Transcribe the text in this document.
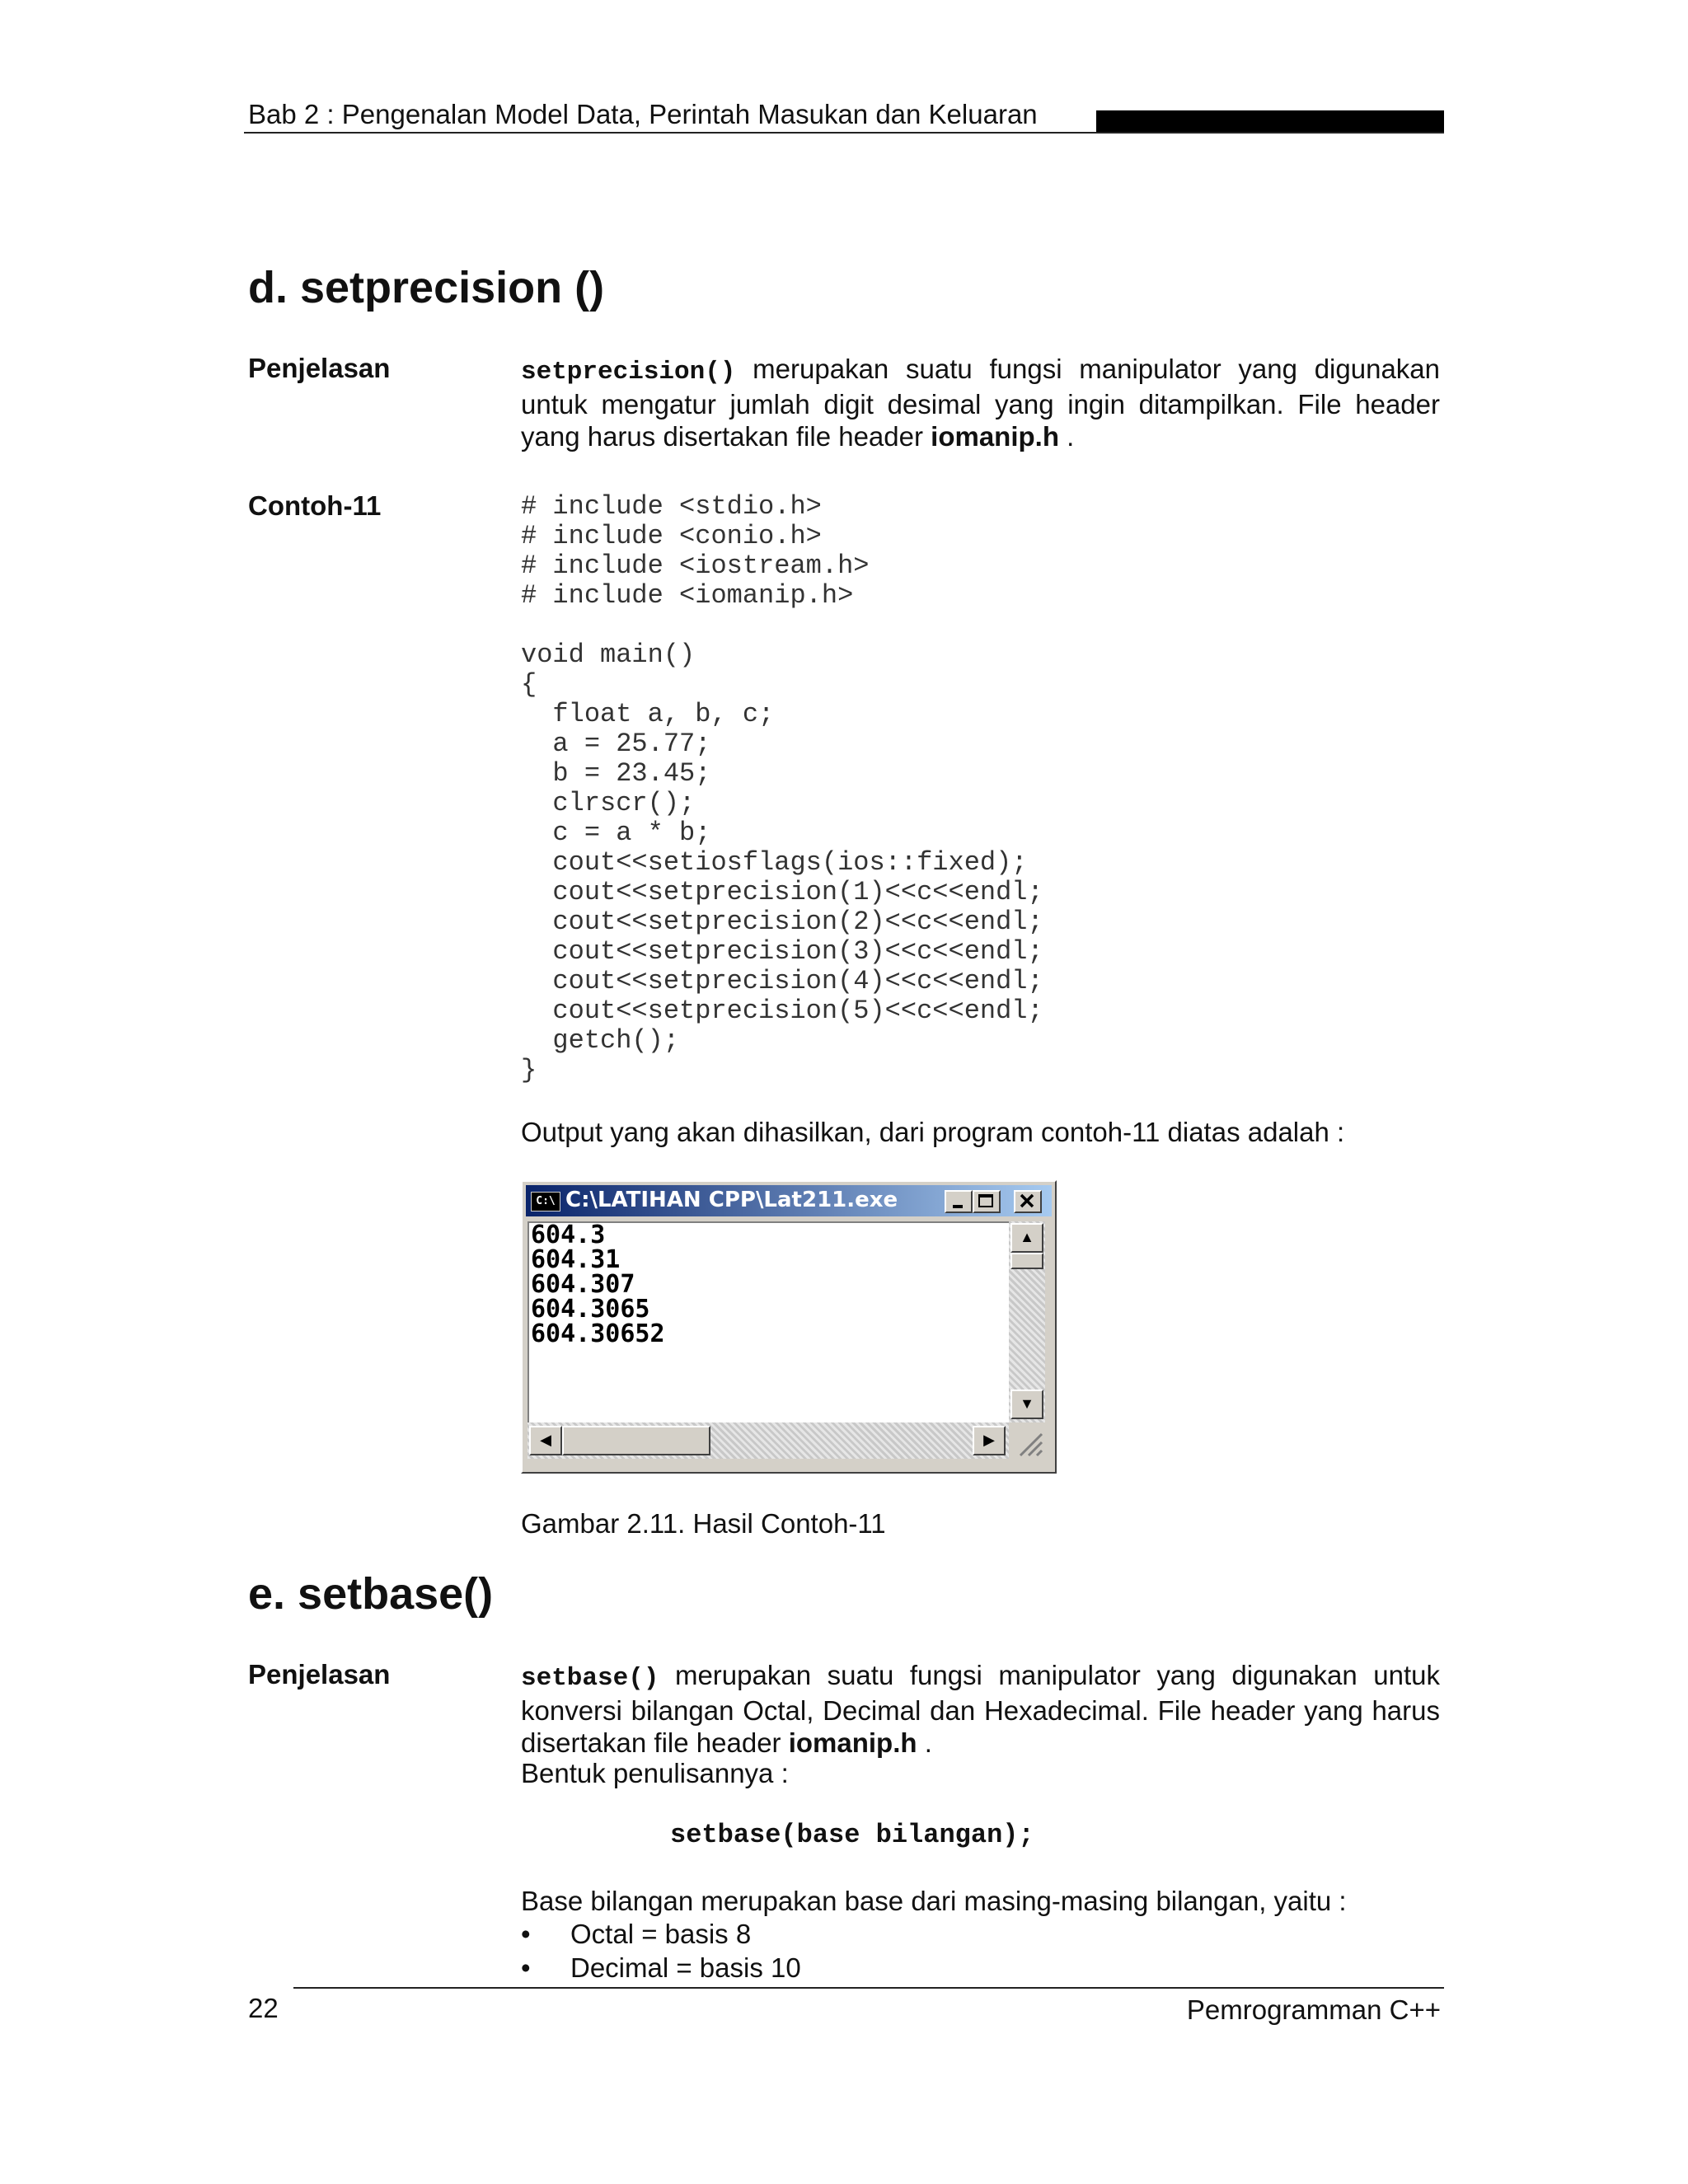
Bab 2 : Pengenalan Model Data, Perintah Masukan dan Keluaran
d. setprecision ()
Penjelasan	setprecision() merupakan suatu fungsi manipulator yang digunakan untuk mengatur jumlah digit desimal yang ingin ditampilkan. File header yang harus disertakan file header iomanip.h .
Contoh-11	# include <stdio.h>
# include <conio.h>
# include <iostream.h>
# include <iomanip.h>

void main()
{
float a, b, c;
a = 25.77;
b = 23.45;
clrscr();
c = a * b;
cout<<setiosflags(ios::fixed);
cout<<setprecision(1)<<c<<endl;
cout<<setprecision(2)<<c<<endl;
cout<<setprecision(3)<<c<<endl;
cout<<setprecision(4)<<c<<endl;
cout<<setprecision(5)<<c<<endl;
getch();
}
Output yang akan dihasilkan, dari program contoh-11 diatas adalah :
C:\ C:\LATIHAN CPP\Lat211.exe
604.3
604.31
604.307
604.3065
604.30652
▲
▼
◀	▶
Gambar 2.11. Hasil Contoh-11
e. setbase()
Penjelasan	setbase() merupakan suatu fungsi manipulator yang digunakan untuk konversi bilangan Octal, Decimal dan Hexadecimal. File header yang harus disertakan file header iomanip.h .
Bentuk penulisannya :
setbase(base bilangan);
Base bilangan merupakan base dari masing-masing bilangan, yaitu :
• Octal = basis 8
• Decimal = basis 10
22	Pemrogramman C++
